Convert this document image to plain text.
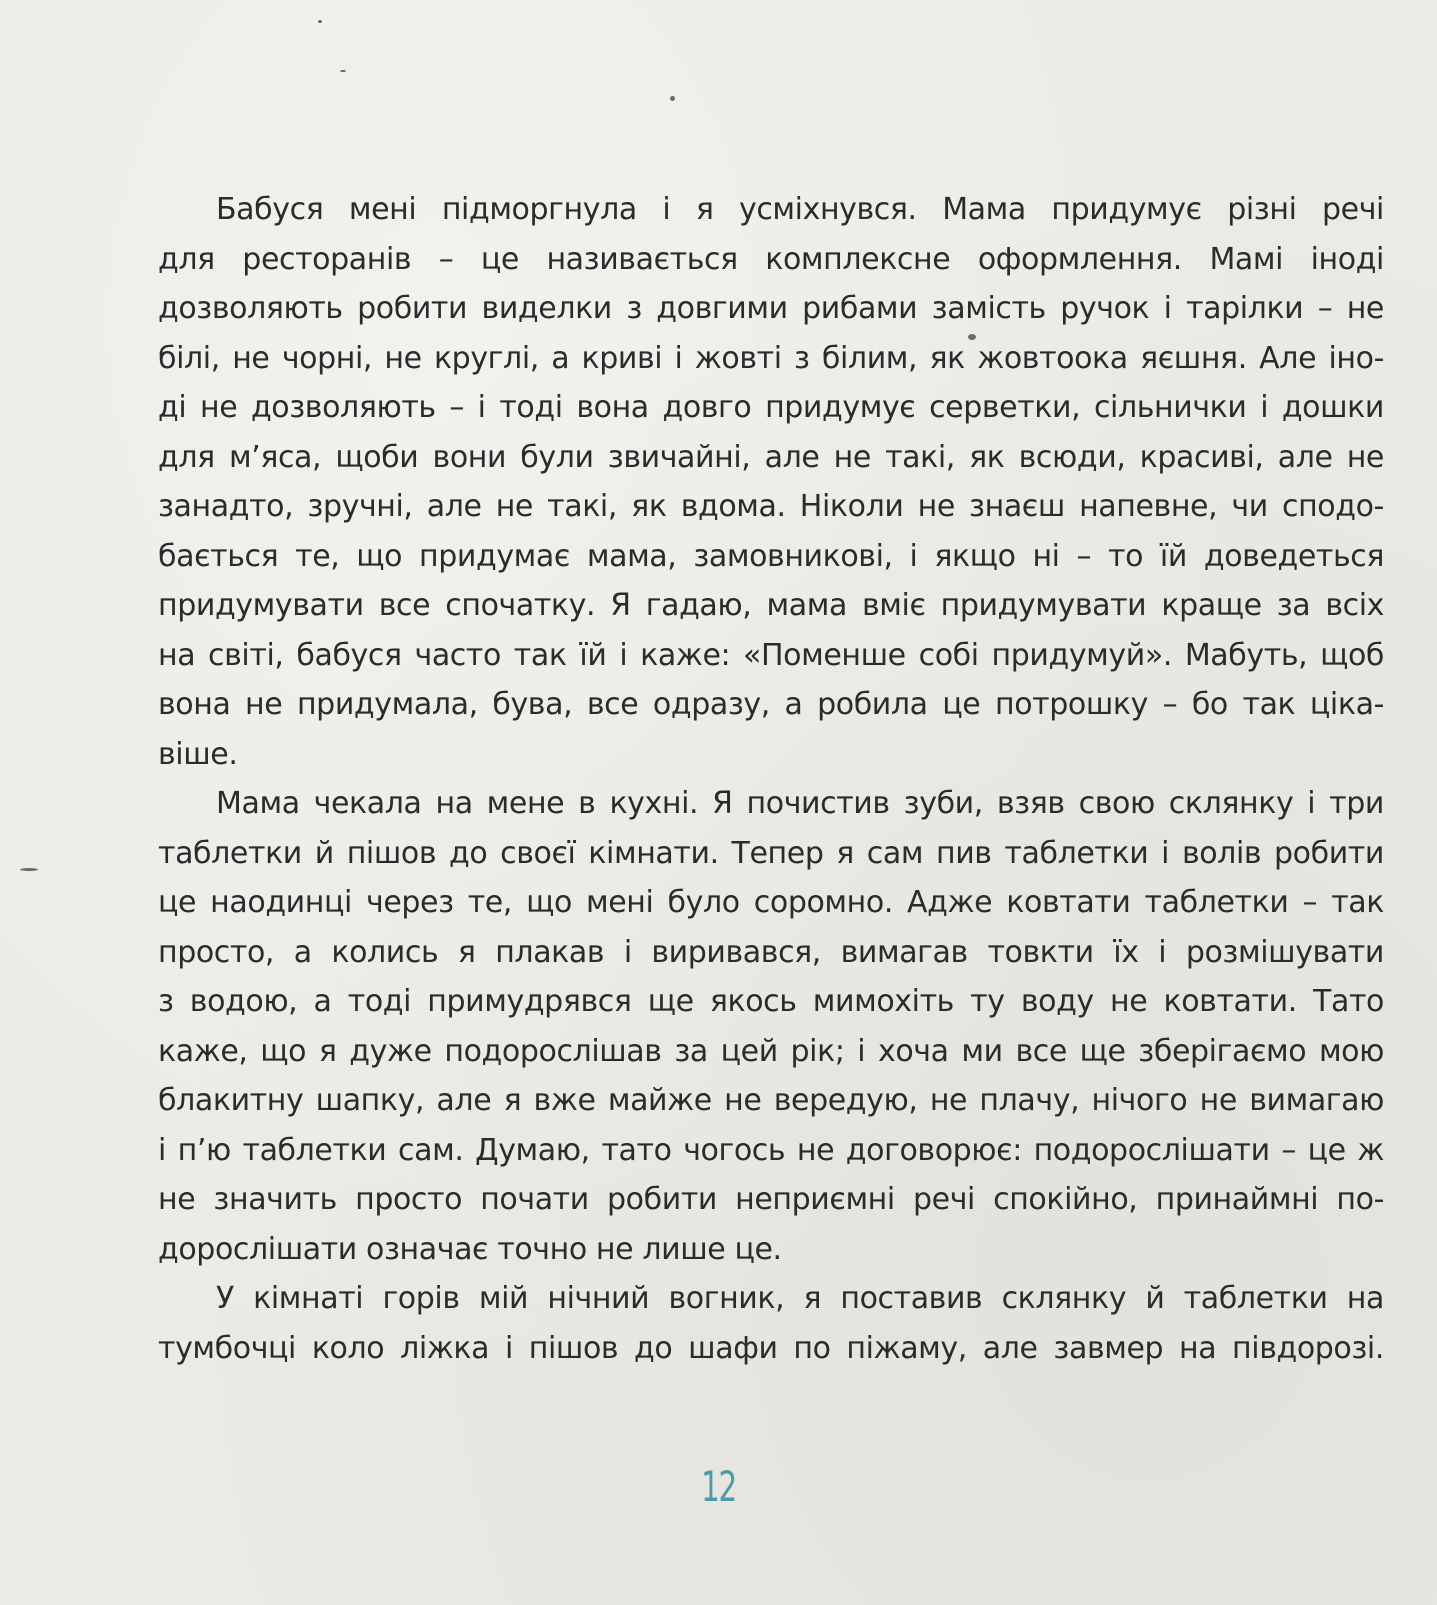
Бабуся мені підморгнула і я усміхнувся. Мама придумує різні речі
для ресторанів – це називається комплексне оформлення. Мамі іноді
дозволяють робити виделки з довгими рибами замість ручок і тарілки – не
білі, не чорні, не круглі, а криві і жовті з білим, як жовтоока яєшня. Але іно-
ді не дозволяють – і тоді вона довго придумує серветки, сільнички і дошки
для м’яса, щоби вони були звичайні, але не такі, як всюди, красиві, але не
занадто, зручні, але не такі, як вдома. Ніколи не знаєш напевне, чи сподо-
бається те, що придумає мама, замовникові, і якщо ні – то їй доведеться
придумувати все спочатку. Я гадаю, мама вміє придумувати краще за всіх
на світі, бабуся часто так їй і каже: «Поменше собі придумуй». Мабуть, щоб
вона не придумала, бува, все одразу, а робила це потрошку – бо так ціка-
віше.
Мама чекала на мене в кухні. Я почистив зуби, взяв свою склянку і три
таблетки й пішов до своєї кімнати. Тепер я сам пив таблетки і волів робити
це наодинці через те, що мені було соромно. Адже ковтати таблетки – так
просто, а колись я плакав і виривався, вимагав товкти їх і розмішувати
з водою, а тоді примудрявся ще якось мимохіть ту воду не ковтати. Тато
каже, що я дуже подорослішав за цей рік; і хоча ми все ще зберігаємо мою
блакитну шапку, але я вже майже не вередую, не плачу, нічого не вимагаю
і п’ю таблетки сам. Думаю, тато чогось не договорює: подорослішати – це ж
не значить просто почати робити неприємні речі спокійно, принаймні по-
дорослішати означає точно не лише це.
У кімнаті горів мій нічний вогник, я поставив склянку й таблетки на
тумбочці коло ліжка і пішов до шафи по піжаму, але завмер на півдорозі.
12
